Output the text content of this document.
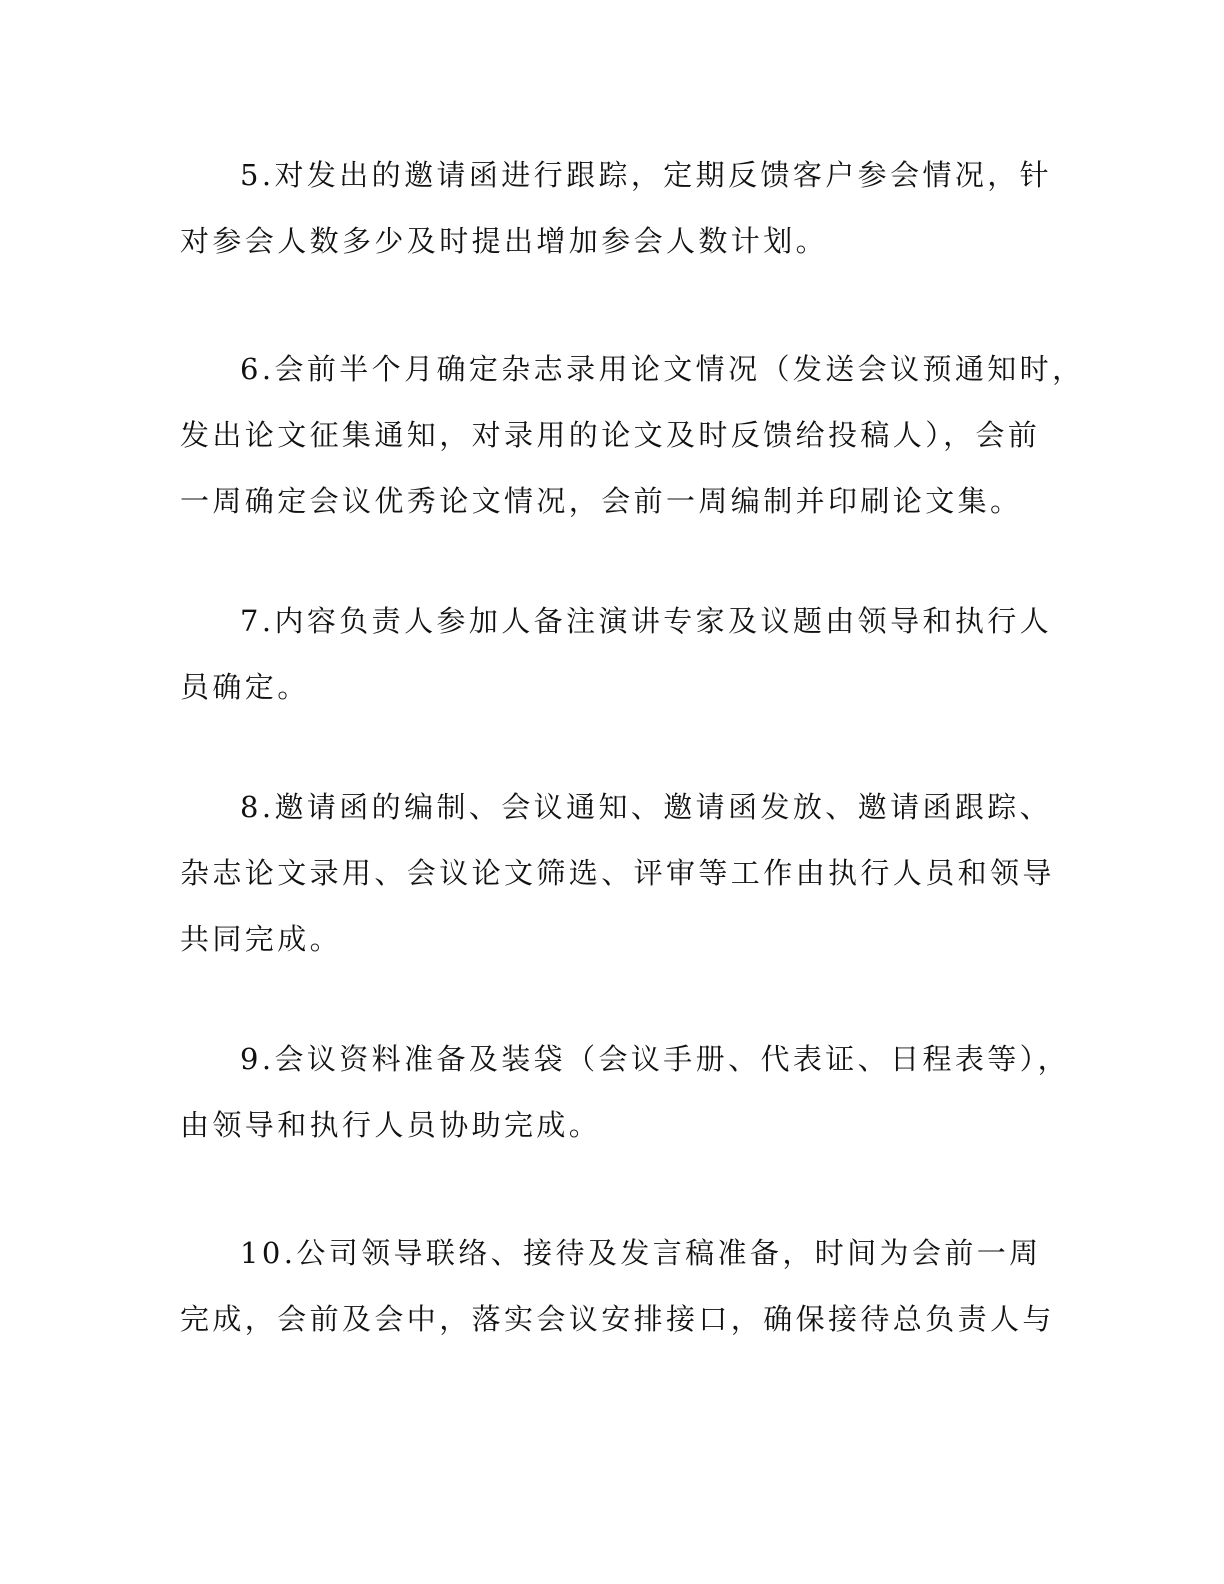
5.对发出的邀请函进行跟踪，定期反馈客户参会情况，针
对参会人数多少及时提出增加参会人数计划。
6.会前半个月确定杂志录用论文情况（发送会议预通知时，
发出论文征集通知，对录用的论文及时反馈给投稿人），会前
一周确定会议优秀论文情况，会前一周编制并印刷论文集。
7.内容负责人参加人备注演讲专家及议题由领导和执行人
员确定。
8.邀请函的编制、会议通知、邀请函发放、邀请函跟踪、
杂志论文录用、会议论文筛选、评审等工作由执行人员和领导
共同完成。
9.会议资料准备及装袋（会议手册、代表证、日程表等），
由领导和执行人员协助完成。
10.公司领导联络、接待及发言稿准备，时间为会前一周
完成，会前及会中，落实会议安排接口，确保接待总负责人与
